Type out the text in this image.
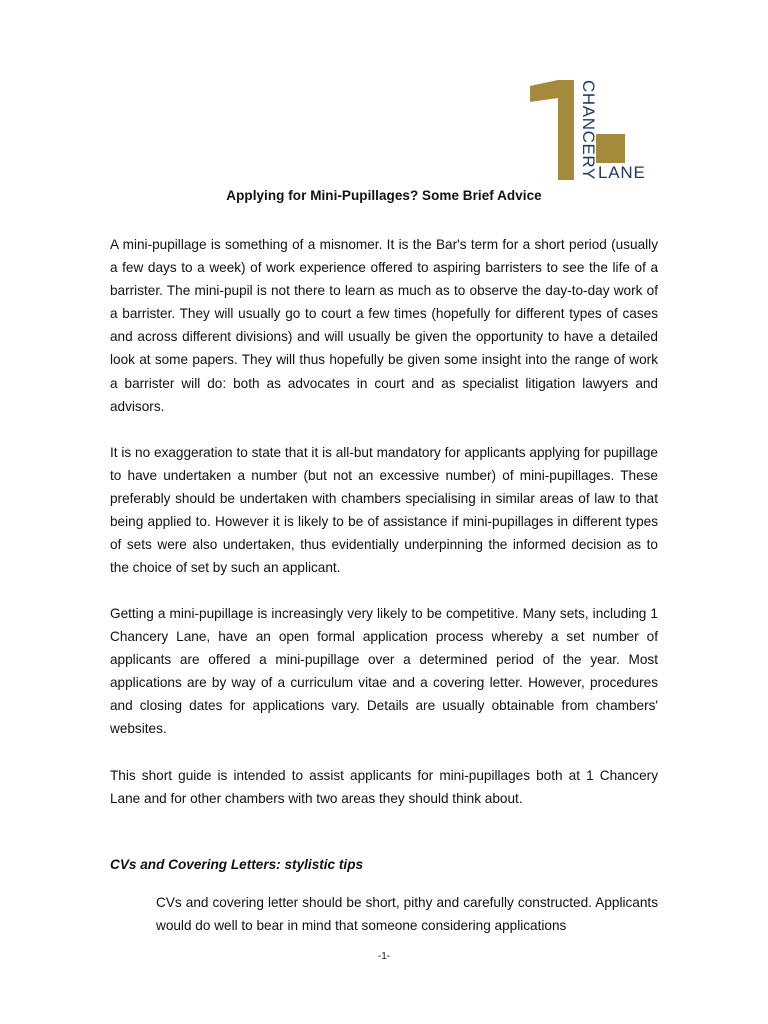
CHANCERY LANE
Applying for Mini-Pupillages? Some Brief Advice

A mini-pupillage is something of a misnomer. It is the Bar's term for a short period (usually a few days to a week) of work experience offered to aspiring barristers to see the life of a barrister. The mini-pupil is not there to learn as much as to observe the day-to-day work of a barrister. They will usually go to court a few times (hopefully for different types of cases and across different divisions) and will usually be given the opportunity to have a detailed look at some papers. They will thus hopefully be given some insight into the range of work a barrister will do: both as advocates in court and as specialist litigation lawyers and advisors.

It is no exaggeration to state that it is all-but mandatory for applicants applying for pupillage to have undertaken a number (but not an excessive number) of mini-pupillages. These preferably should be undertaken with chambers specialising in similar areas of law to that being applied to. However it is likely to be of assistance if mini-pupillages in different types of sets were also undertaken, thus evidentially underpinning the informed decision as to the choice of set by such an applicant.

Getting a mini-pupillage is increasingly very likely to be competitive. Many sets, including 1 Chancery Lane, have an open formal application process whereby a set number of applicants are offered a mini-pupillage over a determined period of the year. Most applications are by way of a curriculum vitae and a covering letter. However, procedures and closing dates for applications vary. Details are usually obtainable from chambers' websites.

This short guide is intended to assist applicants for mini-pupillages both at 1 Chancery Lane and for other chambers with two areas they should think about.

CVs and Covering Letters: stylistic tips

CVs and covering letter should be short, pithy and carefully constructed. Applicants would do well to bear in mind that someone considering applications

-1-
